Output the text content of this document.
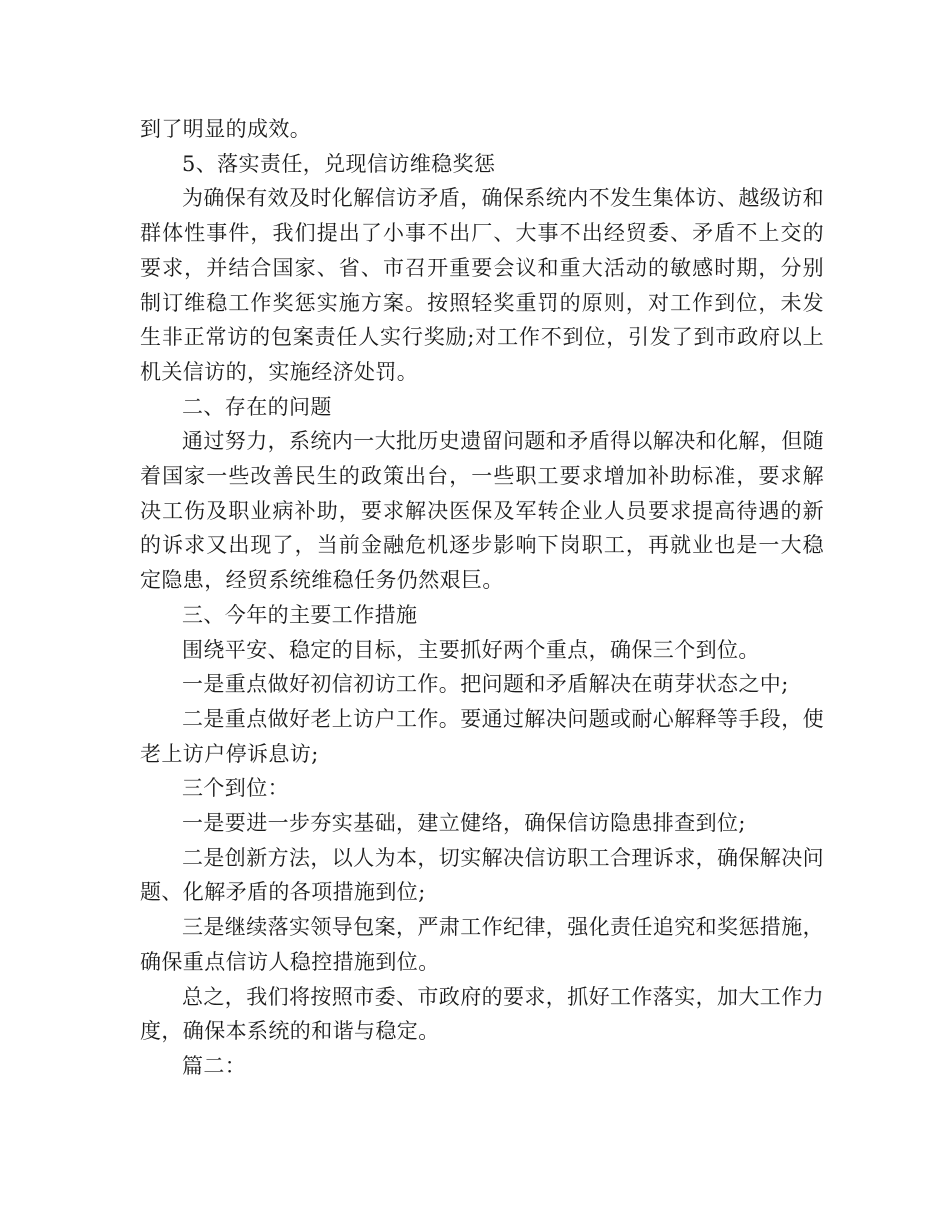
到了明显的成效。

5、落实责任，兑现信访维稳奖惩

为确保有效及时化解信访矛盾，确保系统内不发生集体访、越级访和群体性事件，我们提出了小事不出厂、大事不出经贸委、矛盾不上交的要求，并结合国家、省、市召开重要会议和重大活动的敏感时期，分别制订维稳工作奖惩实施方案。按照轻奖重罚的原则，对工作到位，未发生非正常访的包案责任人实行奖励;对工作不到位，引发了到市政府以上机关信访的，实施经济处罚。

二、存在的问题

通过努力，系统内一大批历史遗留问题和矛盾得以解决和化解，但随着国家一些改善民生的政策出台，一些职工要求增加补助标准，要求解决工伤及职业病补助，要求解决医保及军转企业人员要求提高待遇的新的诉求又出现了，当前金融危机逐步影响下岗职工，再就业也是一大稳定隐患，经贸系统维稳任务仍然艰巨。

三、今年的主要工作措施

围绕平安、稳定的目标，主要抓好两个重点，确保三个到位。

一是重点做好初信初访工作。把问题和矛盾解决在萌芽状态之中;

二是重点做好老上访户工作。要通过解决问题或耐心解释等手段，使老上访户停诉息访;

三个到位：

一是要进一步夯实基础，建立健络，确保信访隐患排查到位;

二是创新方法，以人为本，切实解决信访职工合理诉求，确保解决问题、化解矛盾的各项措施到位;

三是继续落实领导包案，严肃工作纪律，强化责任追究和奖惩措施，确保重点信访人稳控措施到位。

总之，我们将按照市委、市政府的要求，抓好工作落实，加大工作力度，确保本系统的和谐与稳定。

篇二：
